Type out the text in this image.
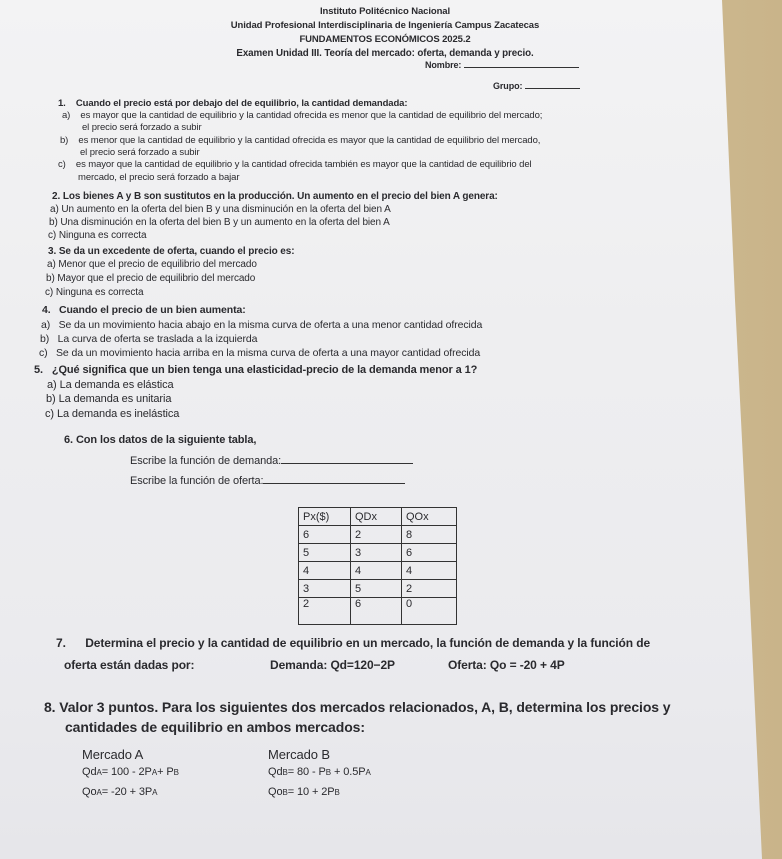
Instituto Politécnico Nacional
Unidad Profesional Interdisciplinaria de Ingeniería Campus Zacatecas
FUNDAMENTOS ECONÓMICOS 2025.2
Examen Unidad III. Teoría del mercado: oferta, demanda y precio.
Nombre:
Grupo:
1. Cuando el precio está por debajo del de equilibrio, la cantidad demandada:
a) es mayor que la cantidad de equilibrio y la cantidad ofrecida es menor que la cantidad de equilibrio del mercado;
el precio será forzado a subir
b) es menor que la cantidad de equilibrio y la cantidad ofrecida es mayor que la cantidad de equilibrio del mercado,
el precio será forzado a subir
c) es mayor que la cantidad de equilibrio y la cantidad ofrecida también es mayor que la cantidad de equilibrio del
mercado, el precio será forzado a bajar
2. Los bienes A y B son sustitutos en la producción. Un aumento en el precio del bien A genera:
a) Un aumento en la oferta del bien B y una disminución en la oferta del bien A
b) Una disminución en la oferta del bien B y un aumento en la oferta del bien A
c) Ninguna es correcta
3. Se da un excedente de oferta, cuando el precio es:
a) Menor que el precio de equilibrio del mercado
b) Mayor que el precio de equilibrio del mercado
c) Ninguna es correcta
4. Cuando el precio de un bien aumenta:
a) Se da un movimiento hacia abajo en la misma curva de oferta a una menor cantidad ofrecida
b) La curva de oferta se traslada a la izquierda
c) Se da un movimiento hacia arriba en la misma curva de oferta a una mayor cantidad ofrecida
5. ¿Qué significa que un bien tenga una elasticidad-precio de la demanda menor a 1?
a) La demanda es elástica
b) La demanda es unitaria
c) La demanda es inelástica
6. Con los datos de la siguiente tabla,
Escribe la función de demanda:
Escribe la función de oferta:
Px($)	QDx	QOx
6	2	8
5	3	6
4	4	4
3	5	2
2	6	0
7. Determina el precio y la cantidad de equilibrio en un mercado, la función de demanda y la función de
oferta están dadas por:	Demanda: Qd=120−2P	Oferta: Qo = -20 + 4P
8. Valor 3 puntos. Para los siguientes dos mercados relacionados, A, B, determina los precios y
cantidades de equilibrio en ambos mercados:
Mercado A	Mercado B
QdA= 100 - 2PA+ PB
QoA= -20 + 3PA
QdB= 80 - PB + 0.5PA
QoB= 10 + 2PB
